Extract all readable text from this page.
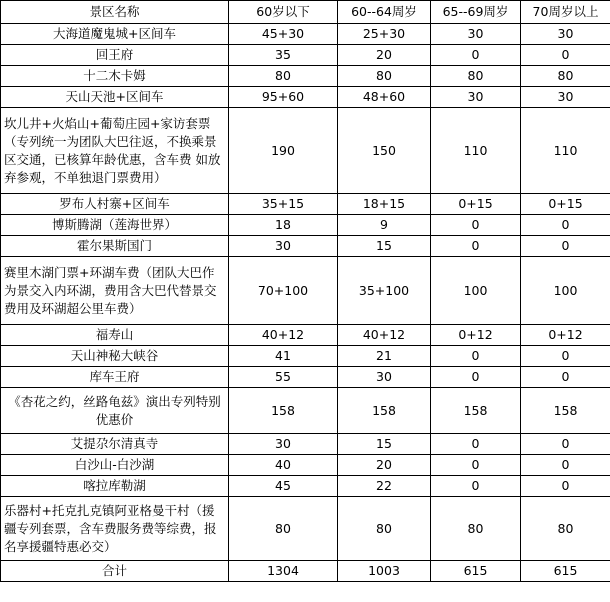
景区名称	60岁以下	60--64周岁	65--69周岁	70周岁以上
大海道魔鬼城+区间车	45+30	25+30	30	30
回王府	35	20	0	0
十二木卡姆	80	80	80	80
天山天池+区间车	95+60	48+60	30	30
坎儿井+火焰山+葡萄庄园+家访套票（专列统一为团队大巴往返，不换乘景区交通，已核算年龄优惠，含车费 如放弃参观，不单独退门票费用）	190	150	110	110
罗布人村寨+区间车	35+15	18+15	0+15	0+15
博斯腾湖（莲海世界）	18	9	0	0
霍尔果斯国门	30	15	0	0
赛里木湖门票+环湖车费（团队大巴作为景交入内环湖，费用含大巴代替景交费用及环湖超公里车费）	70+100	35+100	100	100
福寿山	40+12	40+12	0+12	0+12
天山神秘大峡谷	41	21	0	0
库车王府	55	30	0	0
《杏花之约，丝路龟兹》演出专列特别优惠价	158	158	158	158
艾提尕尔清真寺	30	15	0	0
白沙山-白沙湖	40	20	0	0
喀拉库勒湖	45	22	0	0
乐器村+托克扎克镇阿亚格曼干村（援疆专列套票，含车费服务费等综费，报名享援疆特惠必交）	80	80	80	80
合计	1304	1003	615	615
